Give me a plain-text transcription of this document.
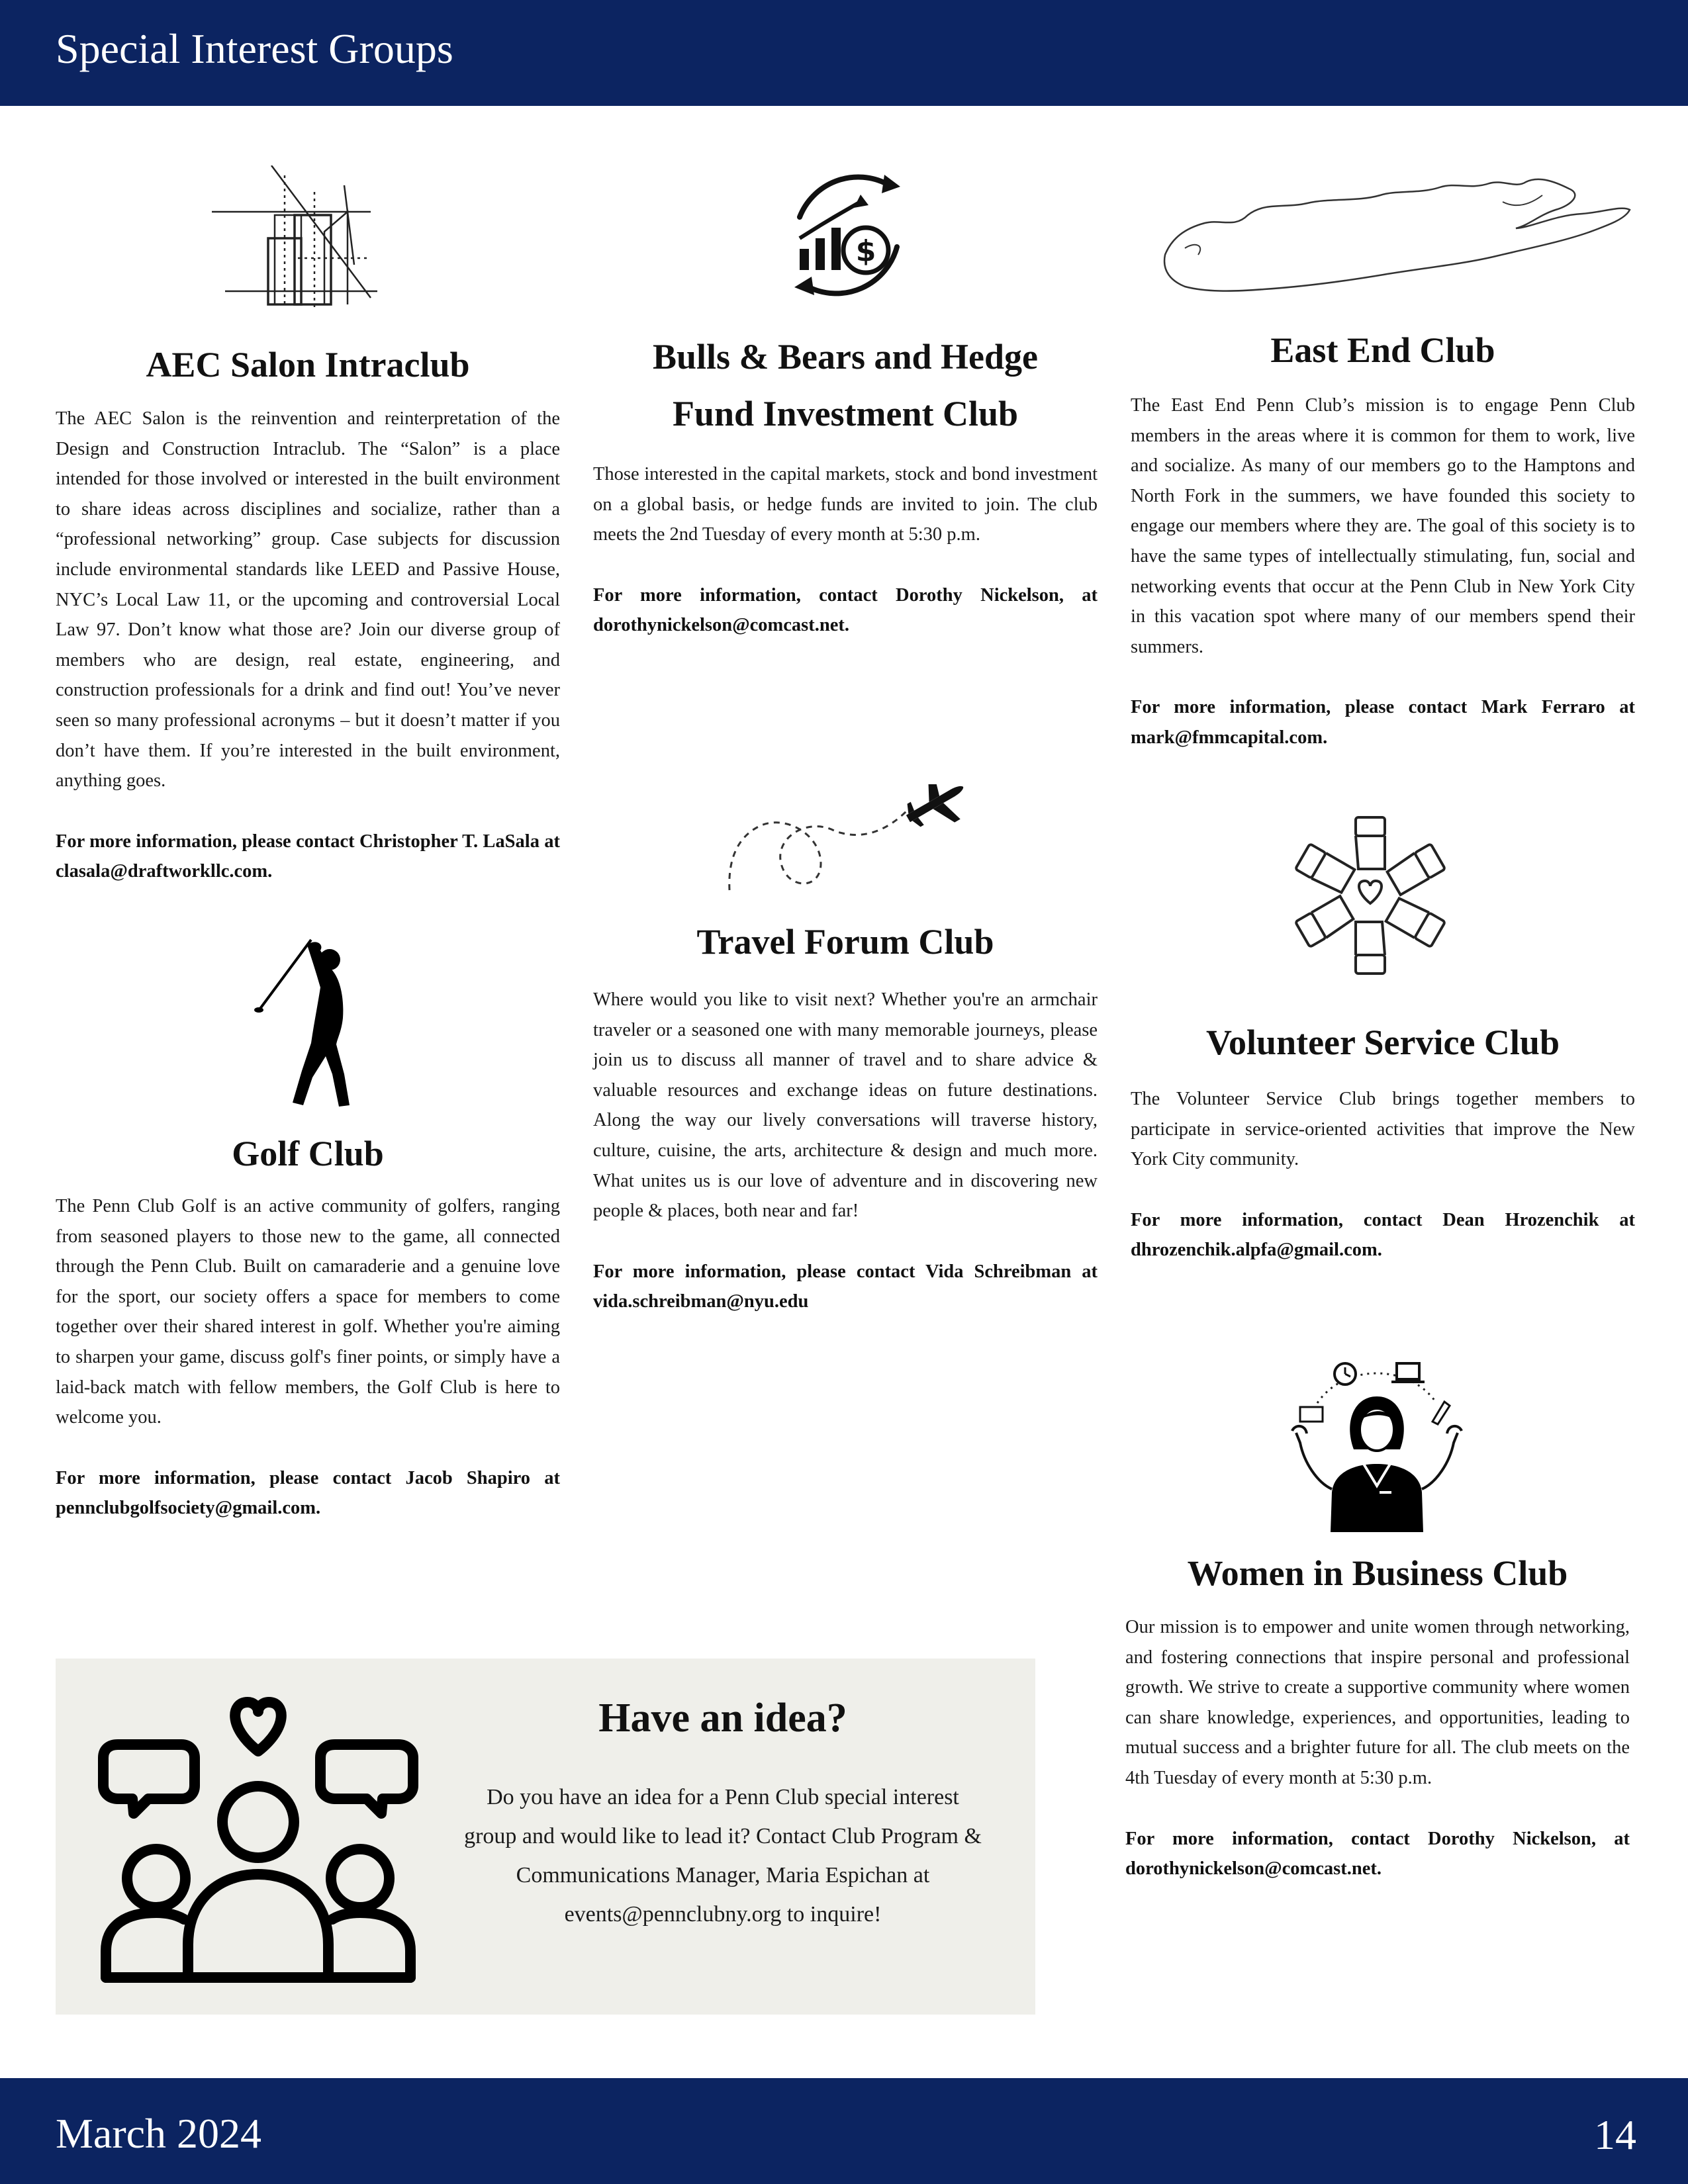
Special Interest Groups
AEC Salon Intraclub
The AEC Salon is the reinvention and reinterpretation of the Design and Construction Intraclub. The “Salon” is a place intended for those involved or interested in the built environment to share ideas across disciplines and socialize, rather than a “professional networking” group. Case subjects for discussion include environmental standards like LEED and Passive House, NYC’s Local Law 11, or the upcoming and controversial Local Law 97. Don’t know what those are? Join our diverse group of members who are design, real estate, engineering, and construction professionals for a drink and find out! You’ve never seen so many professional acronyms – but it doesn’t matter if you don’t have them. If you’re interested in the built environment, anything goes.
For more information, please contact Christopher T. LaSala at clasala@draftworkllc.com.
$
Bulls & Bears and Hedge Fund Investment Club
Those interested in the capital markets, stock and bond investment on a global basis, or hedge funds are invited to join. The club meets the 2nd Tuesday of every month at 5:30 p.m.
For more information, contact Dorothy Nickelson, at dorothynickelson@comcast.net.
East End Club
The East End Penn Club’s mission is to engage Penn Club members in the areas where it is common for them to work, live and socialize. As many of our members go to the Hamptons and North Fork in the summers, we have founded this society to engage our members where they are. The goal of this society is to have the same types of intellectually stimulating, fun, social and networking events that occur at the Penn Club in New York City in this vacation spot where many of our members spend their summers.
For more information, please contact Mark Ferraro at mark@fmmcapital.com.
Golf Club
The Penn Club Golf is an active community of golfers, ranging from seasoned players to those new to the game, all connected through the Penn Club. Built on camaraderie and a genuine love for the sport, our society offers a space for members to come together over their shared interest in golf. Whether you're aiming to sharpen your game, discuss golf's finer points, or simply have a laid-back match with fellow members, the Golf Club is here to welcome you.
For more information, please contact Jacob Shapiro at pennclubgolfsociety@gmail.com.
Travel Forum Club
Where would you like to visit next? Whether you're an armchair traveler or a seasoned one with many memorable journeys, please join us to discuss all manner of travel and to share advice & valuable resources and exchange ideas on future destinations. Along the way our lively conversations will traverse history, culture, cuisine, the arts, architecture & design and much more. What unites us is our love of adventure and in discovering new people & places, both near and far!
For more information, please contact Vida Schreibman at vida.schreibman@nyu.edu
Volunteer Service Club
The Volunteer Service Club brings together members to participate in service-oriented activities that improve the New York City community.
For more information, contact Dean Hrozenchik at dhrozenchik.alpfa@gmail.com.
Women in Business Club
Our mission is to empower and unite women through networking, and fostering connections that inspire personal and professional growth. We strive to create a supportive community where women can share knowledge, experiences, and opportunities, leading to mutual success and a brighter future for all. The club meets on the 4th Tuesday of every month at 5:30 p.m.
For more information, contact Dorothy Nickelson, at dorothynickelson@comcast.net.
Have an idea?
Do you have an idea for a Penn Club special interest group and would like to lead it? Contact Club Program & Communications Manager, Maria Espichan at events@pennclubny.org to inquire!
March 2024	14
